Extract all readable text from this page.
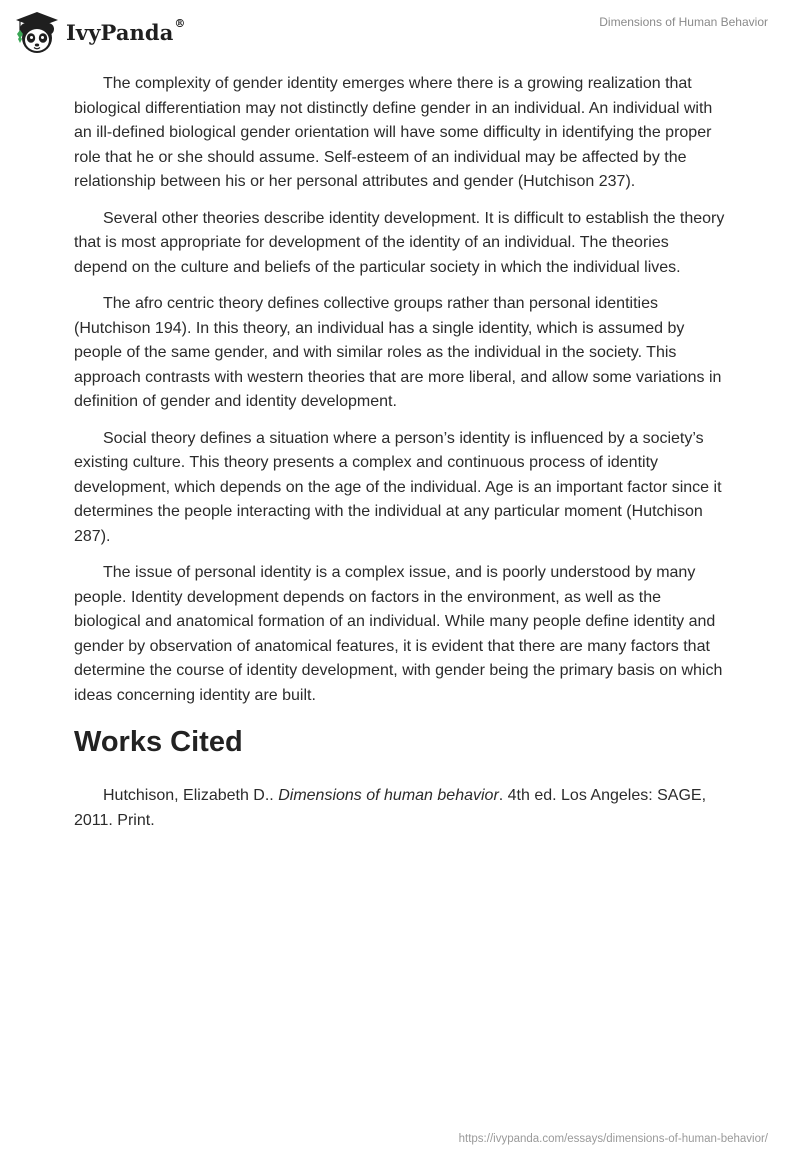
IvyPanda®	Dimensions of Human Behavior

The complexity of gender identity emerges where there is a growing realization that biological differentiation may not distinctly define gender in an individual. An individual with an ill-defined biological gender orientation will have some difficulty in identifying the proper role that he or she should assume. Self-esteem of an individual may be affected by the relationship between his or her personal attributes and gender (Hutchison 237).

Several other theories describe identity development. It is difficult to establish the theory that is most appropriate for development of the identity of an individual. The theories depend on the culture and beliefs of the particular society in which the individual lives.

The afro centric theory defines collective groups rather than personal identities (Hutchison 194). In this theory, an individual has a single identity, which is assumed by people of the same gender, and with similar roles as the individual in the society. This approach contrasts with western theories that are more liberal, and allow some variations in definition of gender and identity development.

Social theory defines a situation where a person’s identity is influenced by a society’s existing culture. This theory presents a complex and continuous process of identity development, which depends on the age of the individual. Age is an important factor since it determines the people interacting with the individual at any particular moment (Hutchison 287).

The issue of personal identity is a complex issue, and is poorly understood by many people. Identity development depends on factors in the environment, as well as the biological and anatomical formation of an individual. While many people define identity and gender by observation of anatomical features, it is evident that there are many factors that determine the course of identity development, with gender being the primary basis on which ideas concerning identity are built.

Works Cited

Hutchison, Elizabeth D.. Dimensions of human behavior. 4th ed. Los Angeles: SAGE, 2011. Print.

https://ivypanda.com/essays/dimensions-of-human-behavior/
